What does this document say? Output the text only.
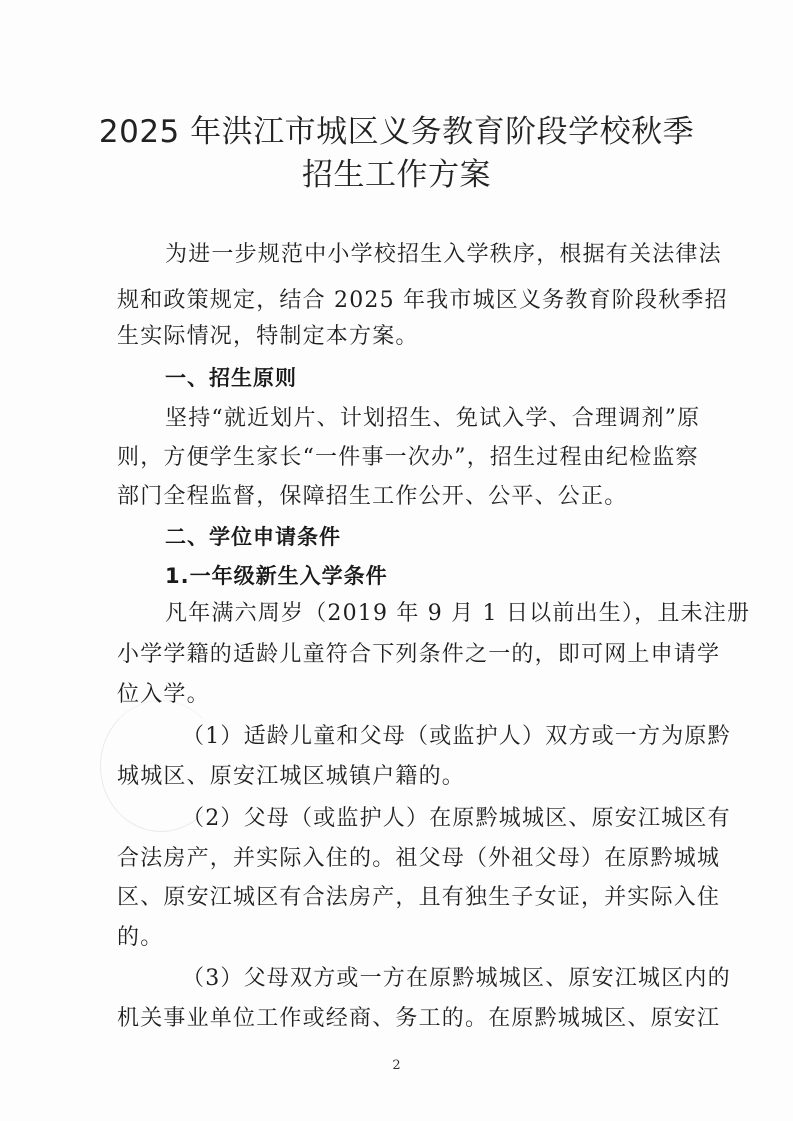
2025 年洪江市城区义务教育阶段学校秋季
招生工作方案
为进一步规范中小学校招生入学秩序，根据有关法律法
规和政策规定，结合 2025 年我市城区义务教育阶段秋季招
生实际情况，特制定本方案。
一、招生原则
坚持“就近划片、计划招生、免试入学、合理调剂”原
则，方便学生家长“一件事一次办”，招生过程由纪检监察
部门全程监督，保障招生工作公开、公平、公正。
二、学位申请条件
1.一年级新生入学条件
凡年满六周岁（2019 年 9 月 1 日以前出生），且未注册
小学学籍的适龄儿童符合下列条件之一的，即可网上申请学
位入学。
（1）适龄儿童和父母（或监护人）双方或一方为原黔
城城区、原安江城区城镇户籍的。
（2）父母（或监护人）在原黔城城区、原安江城区有
合法房产，并实际入住的。祖父母（外祖父母）在原黔城城
区、原安江城区有合法房产，且有独生子女证，并实际入住
的。
（3）父母双方或一方在原黔城城区、原安江城区内的
机关事业单位工作或经商、务工的。在原黔城城区、原安江
2
